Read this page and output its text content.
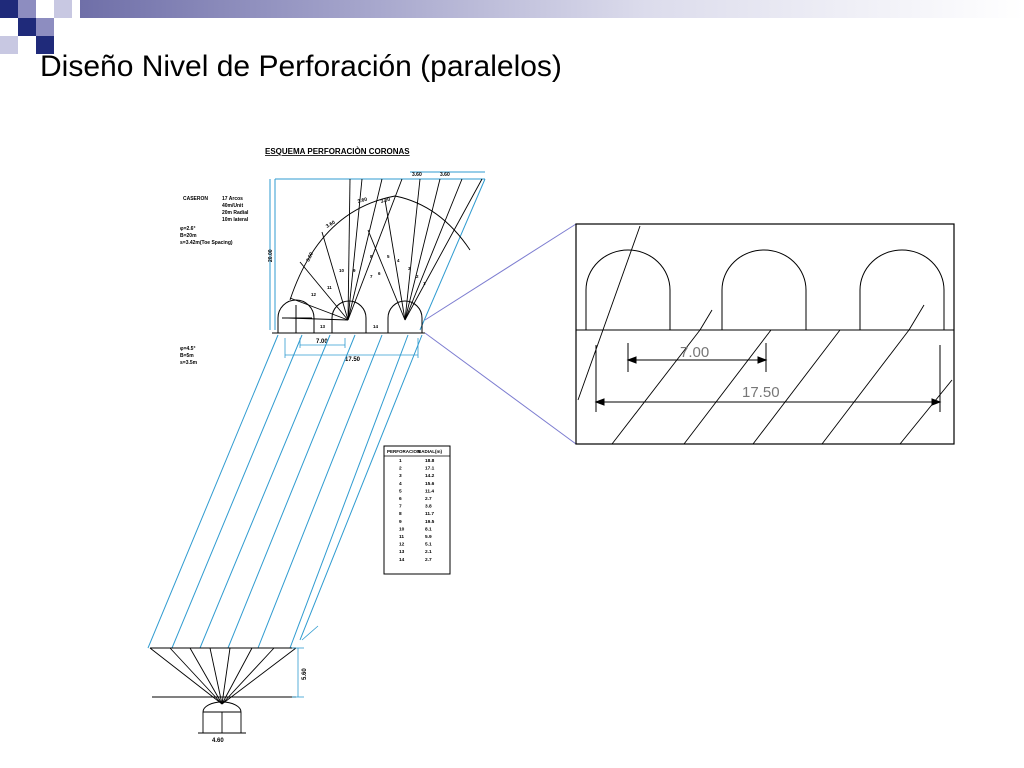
Diseño Nivel de Perforación (paralelos)
ESQUEMA PERFORACIÒN CORONAS
CASERON	17 Arcos
40m/Unit
20m Radial
10m lateral
φ=2.6°
B=20m
s=3.42m(Toe Spacing)
φ=4.5°
B=5m
s=3.5m
3.60	3.60
3.60 3.60
3.60
3.60
20.00
1
2
3
4
5
6
7
8
9
10
11
12
13	14
7.00
17.50
5.60
4.60
7.00
17.50
PERFORACION
RADIAL(m)
1	18.8
2	17.1
3	14.2
4	15.6
5	11.4
6	2.7
7	3.8
8	11.7
9	19.5
10	8.1
11	5.9
12	5.1
13	2.1
14	2.7
